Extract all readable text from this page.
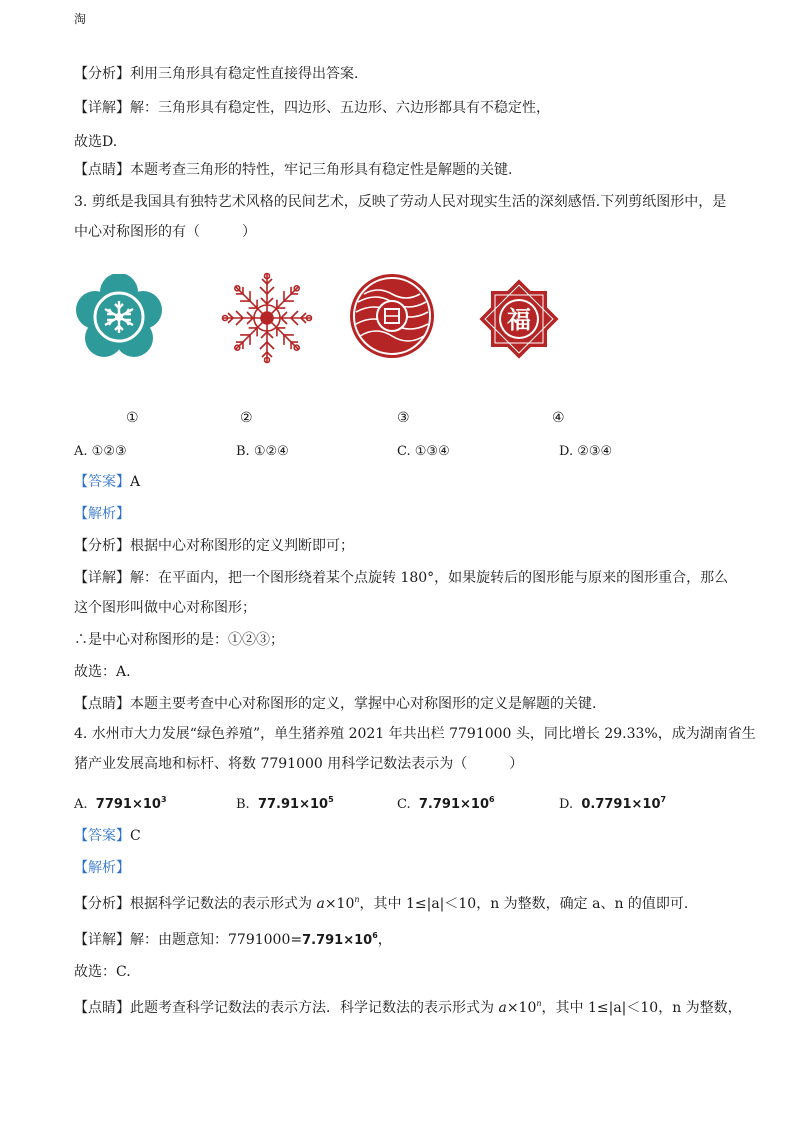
淘
【分析】利用三角形具有稳定性直接得出答案.
【详解】解：三角形具有稳定性，四边形、五边形、六边形都具有不稳定性，
故选D.
【点睛】本题考查三角形的特性，牢记三角形具有稳定性是解题的关键.
3. 剪纸是我国具有独特艺术风格的民间艺术，反映了劳动人民对现实生活的深刻感悟.下列剪纸图形中，是
中心对称图形的有（　　　）
福
①	②	③	④
A. ①②③	B. ①②④	C. ①③④	D. ②③④
【答案】A
【解析】
【分析】根据中心对称图形的定义判断即可；
【详解】解：在平面内，把一个图形绕着某个点旋转 180°，如果旋转后的图形能与原来的图形重合，那么
这个图形叫做中心对称图形；
∴是中心对称图形的是：①②③；
故选：A.
【点睛】本题主要考查中心对称图形的定义，掌握中心对称图形的定义是解题的关键.
4. 水州市大力发展“绿色养殖”，单生猪养殖 2021 年共出栏 7791000 头，同比增长 29.33%，成为湖南省生
猪产业发展高地和标杆、将数 7791000 用科学记数法表示为（　　　）
A. $7791\times 10^3$	B. $77.91\times 10^5$	C. $7.791\times 10^6$	D. $0.7791\times 10^7$
【答案】C
【解析】
【分析】根据科学记数法的表示形式为 $a\times 10^n$，其中 1≤|a|＜10，n 为整数，确定 a、n 的值即可.
【详解】解：由题意知：$7791000=7.791\times 10^6$，
故选：C.
【点睛】此题考查科学记数法的表示方法．科学记数法的表示形式为 $a\times 10^n$，其中 1≤|a|＜10，n 为整数，
